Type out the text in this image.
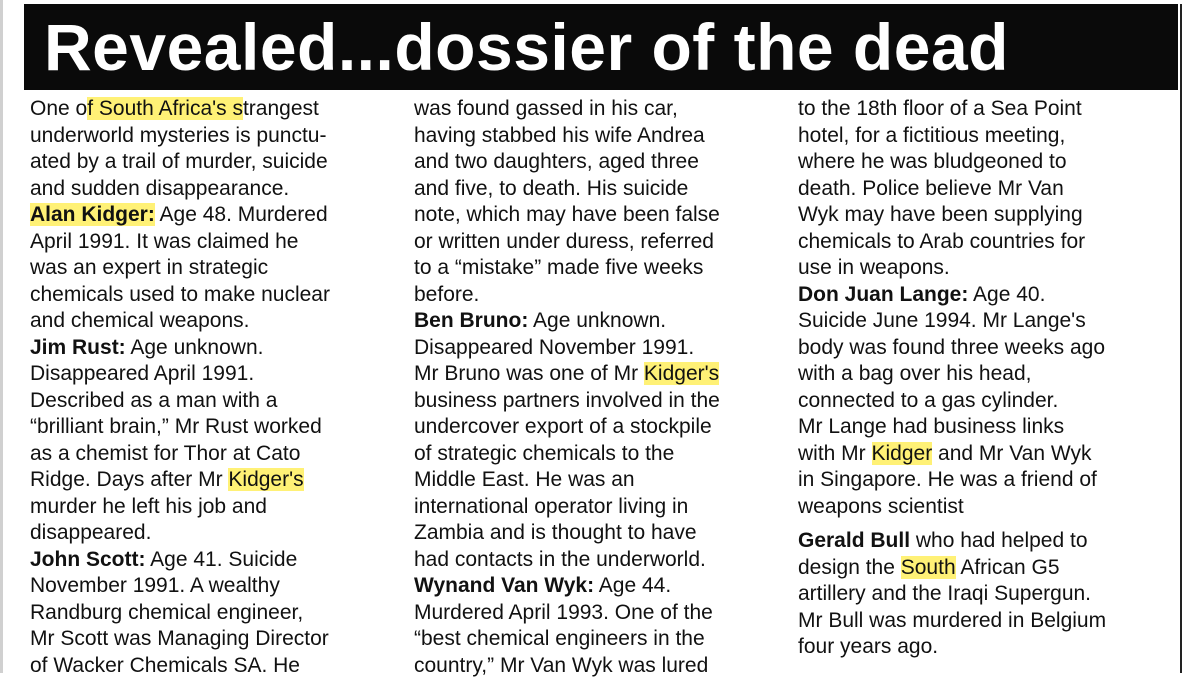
Revealed...dossier of the dead
One of South Africa's strangest
underworld mysteries is punctu-
ated by a trail of murder, suicide
and sudden disappearance.
Alan Kidger: Age 48. Murdered
April 1991. It was claimed he
was an expert in strategic
chemicals used to make nuclear
and chemical weapons.
Jim Rust: Age unknown.
Disappeared April 1991.
Described as a man with a
“brilliant brain,” Mr Rust worked
as a chemist for Thor at Cato
Ridge. Days after Mr Kidger's
murder he left his job and
disappeared.
John Scott: Age 41. Suicide
November 1991. A wealthy
Randburg chemical engineer,
Mr Scott was Managing Director
of Wacker Chemicals SA. He
was found gassed in his car,
having stabbed his wife Andrea
and two daughters, aged three
and five, to death. His suicide
note, which may have been false
or written under duress, referred
to a “mistake” made five weeks
before.
Ben Bruno: Age unknown.
Disappeared November 1991.
Mr Bruno was one of Mr Kidger's
business partners involved in the
undercover export of a stockpile
of strategic chemicals to the
Middle East. He was an
international operator living in
Zambia and is thought to have
had contacts in the underworld.
Wynand Van Wyk: Age 44.
Murdered April 1993. One of the
“best chemical engineers in the
country,” Mr Van Wyk was lured
to the 18th floor of a Sea Point
hotel, for a fictitious meeting,
where he was bludgeoned to
death. Police believe Mr Van
Wyk may have been supplying
chemicals to Arab countries for
use in weapons.
Don Juan Lange: Age 40.
Suicide June 1994. Mr Lange's
body was found three weeks ago
with a bag over his head,
connected to a gas cylinder.
Mr Lange had business links
with Mr Kidger and Mr Van Wyk
in Singapore. He was a friend of
weapons scientist
Gerald Bull who had helped to
design the South African G5
artillery and the Iraqi Supergun.
Mr Bull was murdered in Belgium
four years ago.
